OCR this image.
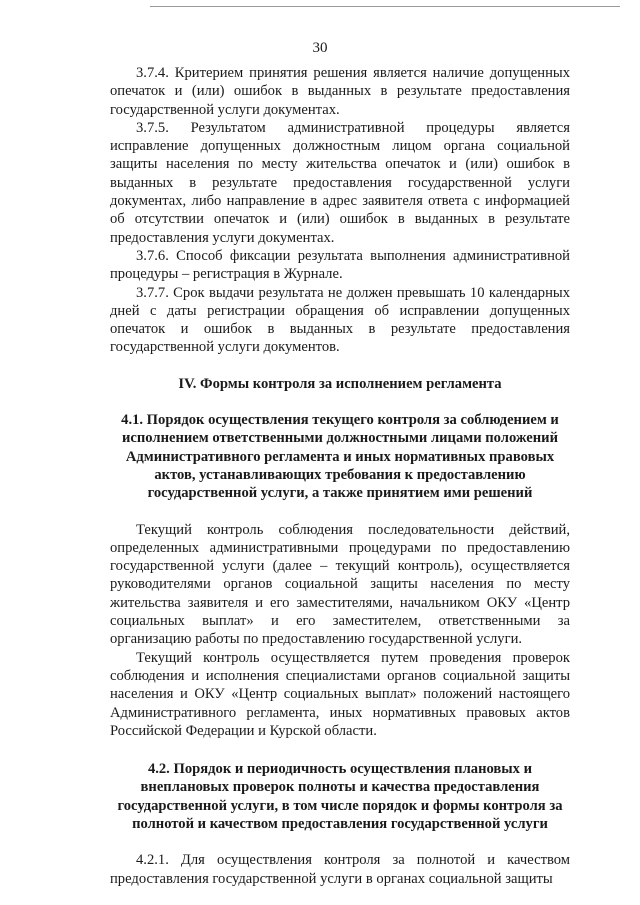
30

3.7.4. Критерием принятия решения является наличие допущенных опечаток и (или) ошибок в выданных в результате предоставления государственной услуги документах.

3.7.5. Результатом административной процедуры является исправление допущенных должностным лицом органа социальной защиты населения по месту жительства опечаток и (или) ошибок в выданных в результате предоставления государственной услуги документах, либо направление в адрес заявителя ответа с информацией об отсутствии опечаток и (или) ошибок в выданных в результате предоставления услуги документах.

3.7.6. Способ фиксации результата выполнения административной процедуры – регистрация в Журнале.

3.7.7. Срок выдачи результата не должен превышать 10 календарных дней с даты регистрации обращения об исправлении допущенных опечаток и ошибок в выданных в результате предоставления государственной услуги документов.

IV. Формы контроля за исполнением регламента

4.1. Порядок осуществления текущего контроля за соблюдением и исполнением ответственными должностными лицами положений Административного регламента и иных нормативных правовых актов, устанавливающих требования к предоставлению государственной услуги, а также принятием ими решений

Текущий контроль соблюдения последовательности действий, определенных административными процедурами по предоставлению государственной услуги (далее – текущий контроль), осуществляется руководителями органов социальной защиты населения по месту жительства заявителя и его заместителями, начальником ОКУ «Центр социальных выплат» и его заместителем, ответственными за организацию работы по предоставлению государственной услуги.

Текущий контроль осуществляется путем проведения проверок соблюдения и исполнения специалистами органов социальной защиты населения и ОКУ «Центр социальных выплат» положений настоящего Административного регламента, иных нормативных правовых актов Российской Федерации и Курской области.

4.2. Порядок и периодичность осуществления плановых и внеплановых проверок полноты и качества предоставления государственной услуги, в том числе порядок и формы контроля за полнотой и качеством предоставления государственной услуги

4.2.1. Для осуществления контроля за полнотой и качеством предоставления государственной услуги в органах социальной защиты
